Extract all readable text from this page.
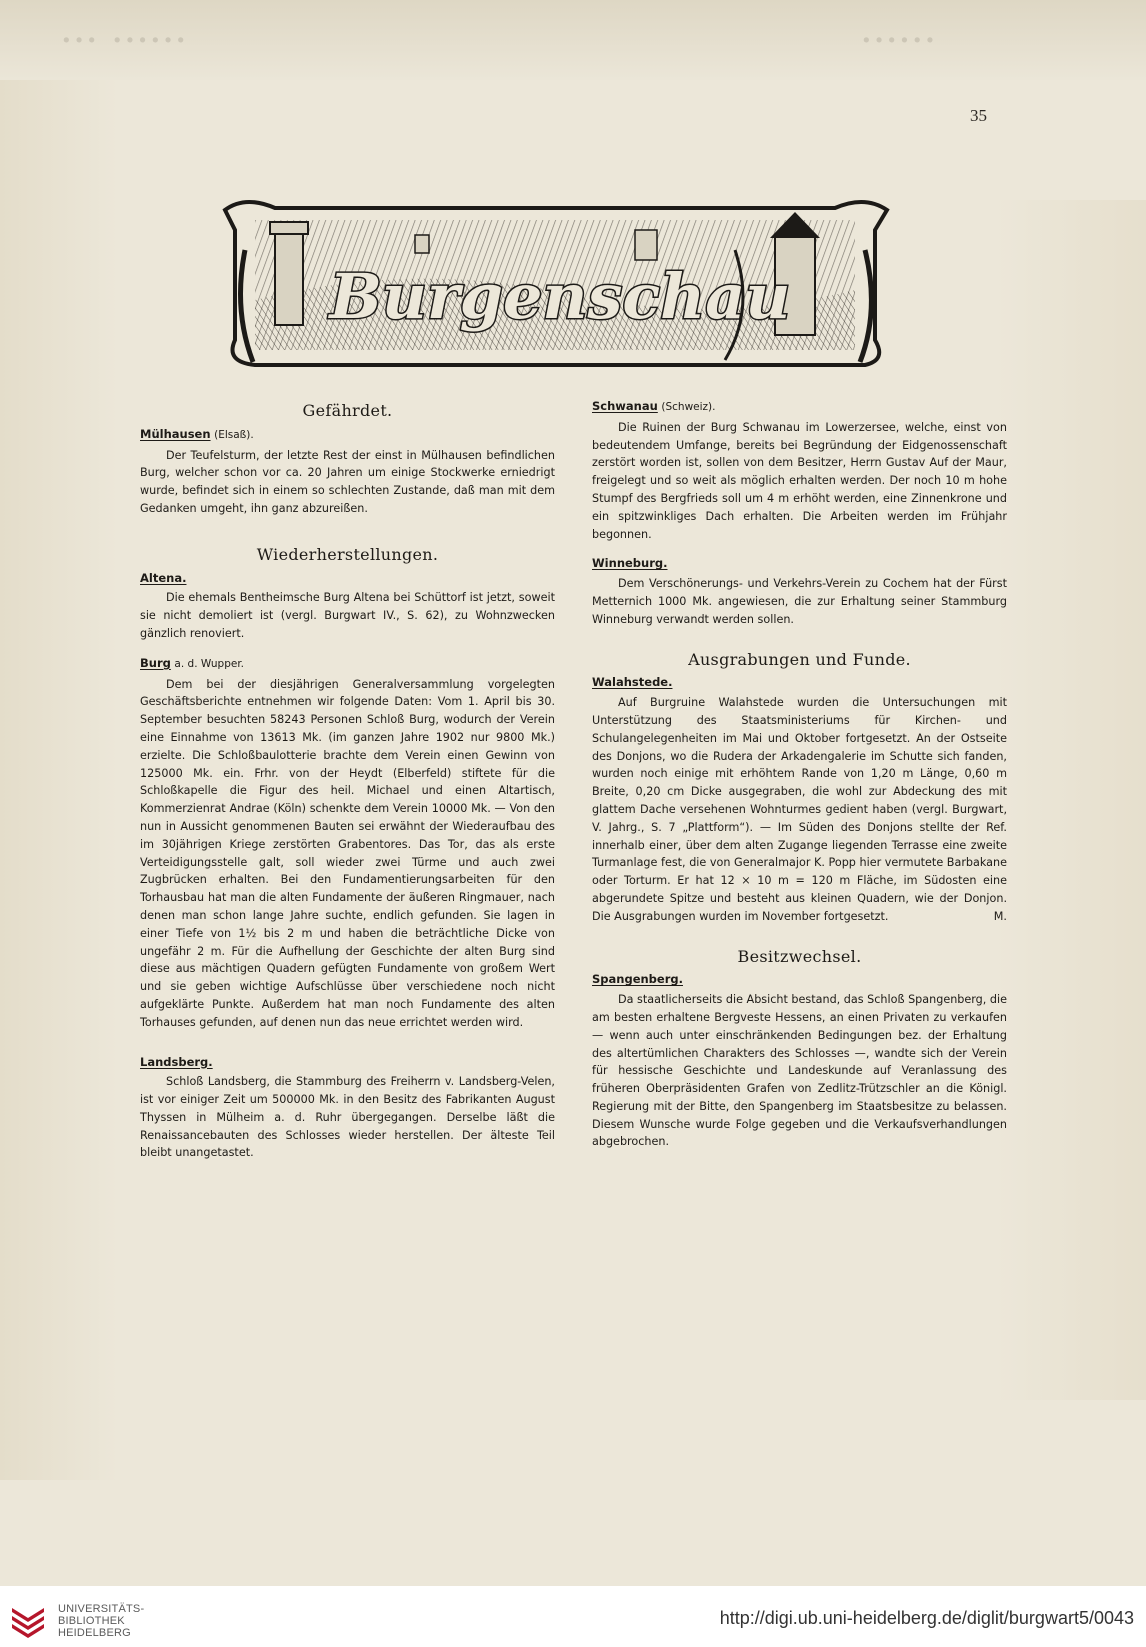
··· ······	······
35
Burgenschau
Gefährdet.

Mülhausen (Elsaß).

Der Teufelsturm, der letzte Rest der einst in Mülhausen befindlichen Burg, welcher schon vor ca. 20 Jahren um einige Stockwerke erniedrigt wurde, befindet sich in einem so schlechten Zustande, daß man mit dem Gedanken umgeht, ihn ganz abzureißen.

Wiederherstellungen.

Altena.

Die ehemals Bentheimsche Burg Altena bei Schüttorf ist jetzt, soweit sie nicht demoliert ist (vergl. Burgwart IV., S. 62), zu Wohnzwecken gänzlich renoviert.

Burg a. d. Wupper.

Dem bei der diesjährigen Generalversammlung vorgelegten Geschäftsberichte entnehmen wir folgende Daten: Vom 1. April bis 30. September besuchten 58243 Personen Schloß Burg, wodurch der Verein eine Einnahme von 13613 Mk. (im ganzen Jahre 1902 nur 9800 Mk.) erzielte. Die Schloßbaulotterie brachte dem Verein einen Gewinn von 125000 Mk. ein. Frhr. von der Heydt (Elberfeld) stiftete für die Schloßkapelle die Figur des heil. Michael und einen Altartisch, Kommerzienrat Andrae (Köln) schenkte dem Verein 10000 Mk. — Von den nun in Aussicht genommenen Bauten sei erwähnt der Wiederaufbau des im 30jährigen Kriege zerstörten Grabentores. Das Tor, das als erste Verteidigungsstelle galt, soll wieder zwei Türme und auch zwei Zugbrücken erhalten. Bei den Fundamentierungsarbeiten für den Torhausbau hat man die alten Fundamente der äußeren Ringmauer, nach denen man schon lange Jahre suchte, endlich gefunden. Sie lagen in einer Tiefe von 1½ bis 2 m und haben die beträchtliche Dicke von ungefähr 2 m. Für die Aufhellung der Geschichte der alten Burg sind diese aus mächtigen Quadern gefügten Fundamente von großem Wert und sie geben wichtige Aufschlüsse über verschiedene noch nicht aufgeklärte Punkte. Außerdem hat man noch Fundamente des alten Torhauses gefunden, auf denen nun das neue errichtet werden wird.

Landsberg.

Schloß Landsberg, die Stammburg des Freiherrn v. Landsberg-Velen, ist vor einiger Zeit um 500000 Mk. in den Besitz des Fabrikanten August Thyssen in Mülheim a. d. Ruhr übergegangen. Derselbe läßt die Renaissancebauten des Schlosses wieder herstellen. Der älteste Teil bleibt unangetastet.

Schwanau (Schweiz).

Die Ruinen der Burg Schwanau im Lowerzersee, welche, einst von bedeutendem Umfange, bereits bei Begründung der Eidgenossenschaft zerstört worden ist, sollen von dem Besitzer, Herrn Gustav Auf der Maur, freigelegt und so weit als möglich erhalten werden. Der noch 10 m hohe Stumpf des Bergfrieds soll um 4 m erhöht werden, eine Zinnenkrone und ein spitzwinkliges Dach erhalten. Die Arbeiten werden im Frühjahr begonnen.

Winneburg.

Dem Verschönerungs- und Verkehrs-Verein zu Cochem hat der Fürst Metternich 1000 Mk. angewiesen, die zur Erhaltung seiner Stammburg Winneburg verwandt werden sollen.

Ausgrabungen und Funde.

Walahstede.

Auf Burgruine Walahstede wurden die Untersuchungen mit Unterstützung des Staatsministeriums für Kirchen- und Schulangelegenheiten im Mai und Oktober fortgesetzt. An der Ostseite des Donjons, wo die Rudera der Arkadengalerie im Schutte sich fanden, wurden noch einige mit erhöhtem Rande von 1,20 m Länge, 0,60 m Breite, 0,20 cm Dicke ausgegraben, die wohl zur Abdeckung des mit glattem Dache versehenen Wohnturmes gedient haben (vergl. Burgwart, V. Jahrg., S. 7 „Plattform“). — Im Süden des Donjons stellte der Ref. innerhalb einer, über dem alten Zugange liegenden Terrasse eine zweite Turmanlage fest, die von Generalmajor K. Popp hier vermutete Barbakane oder Torturm. Er hat 12 × 10 m = 120 m Fläche, im Südosten eine abgerundete Spitze und besteht aus kleinen Quadern, wie der Donjon. Die Ausgrabungen wurden im November fortgesetzt.	M.

Besitzwechsel.

Spangenberg.

Da staatlicherseits die Absicht bestand, das Schloß Spangenberg, die am besten erhaltene Bergveste Hessens, an einen Privaten zu verkaufen — wenn auch unter einschränkenden Bedingungen bez. der Erhaltung des altertümlichen Charakters des Schlosses —, wandte sich der Verein für hessische Geschichte und Landeskunde auf Veranlassung des früheren Oberpräsidenten Grafen von Zedlitz-Trützschler an die Königl. Regierung mit der Bitte, den Spangenberg im Staatsbesitze zu belassen. Diesem Wunsche wurde Folge gegeben und die Verkaufsverhandlungen abgebrochen.

UNIVERSITÄTS-
BIBLIOTHEK
HEIDELBERG
http://digi.ub.uni-heidelberg.de/diglit/burgwart5/0043
